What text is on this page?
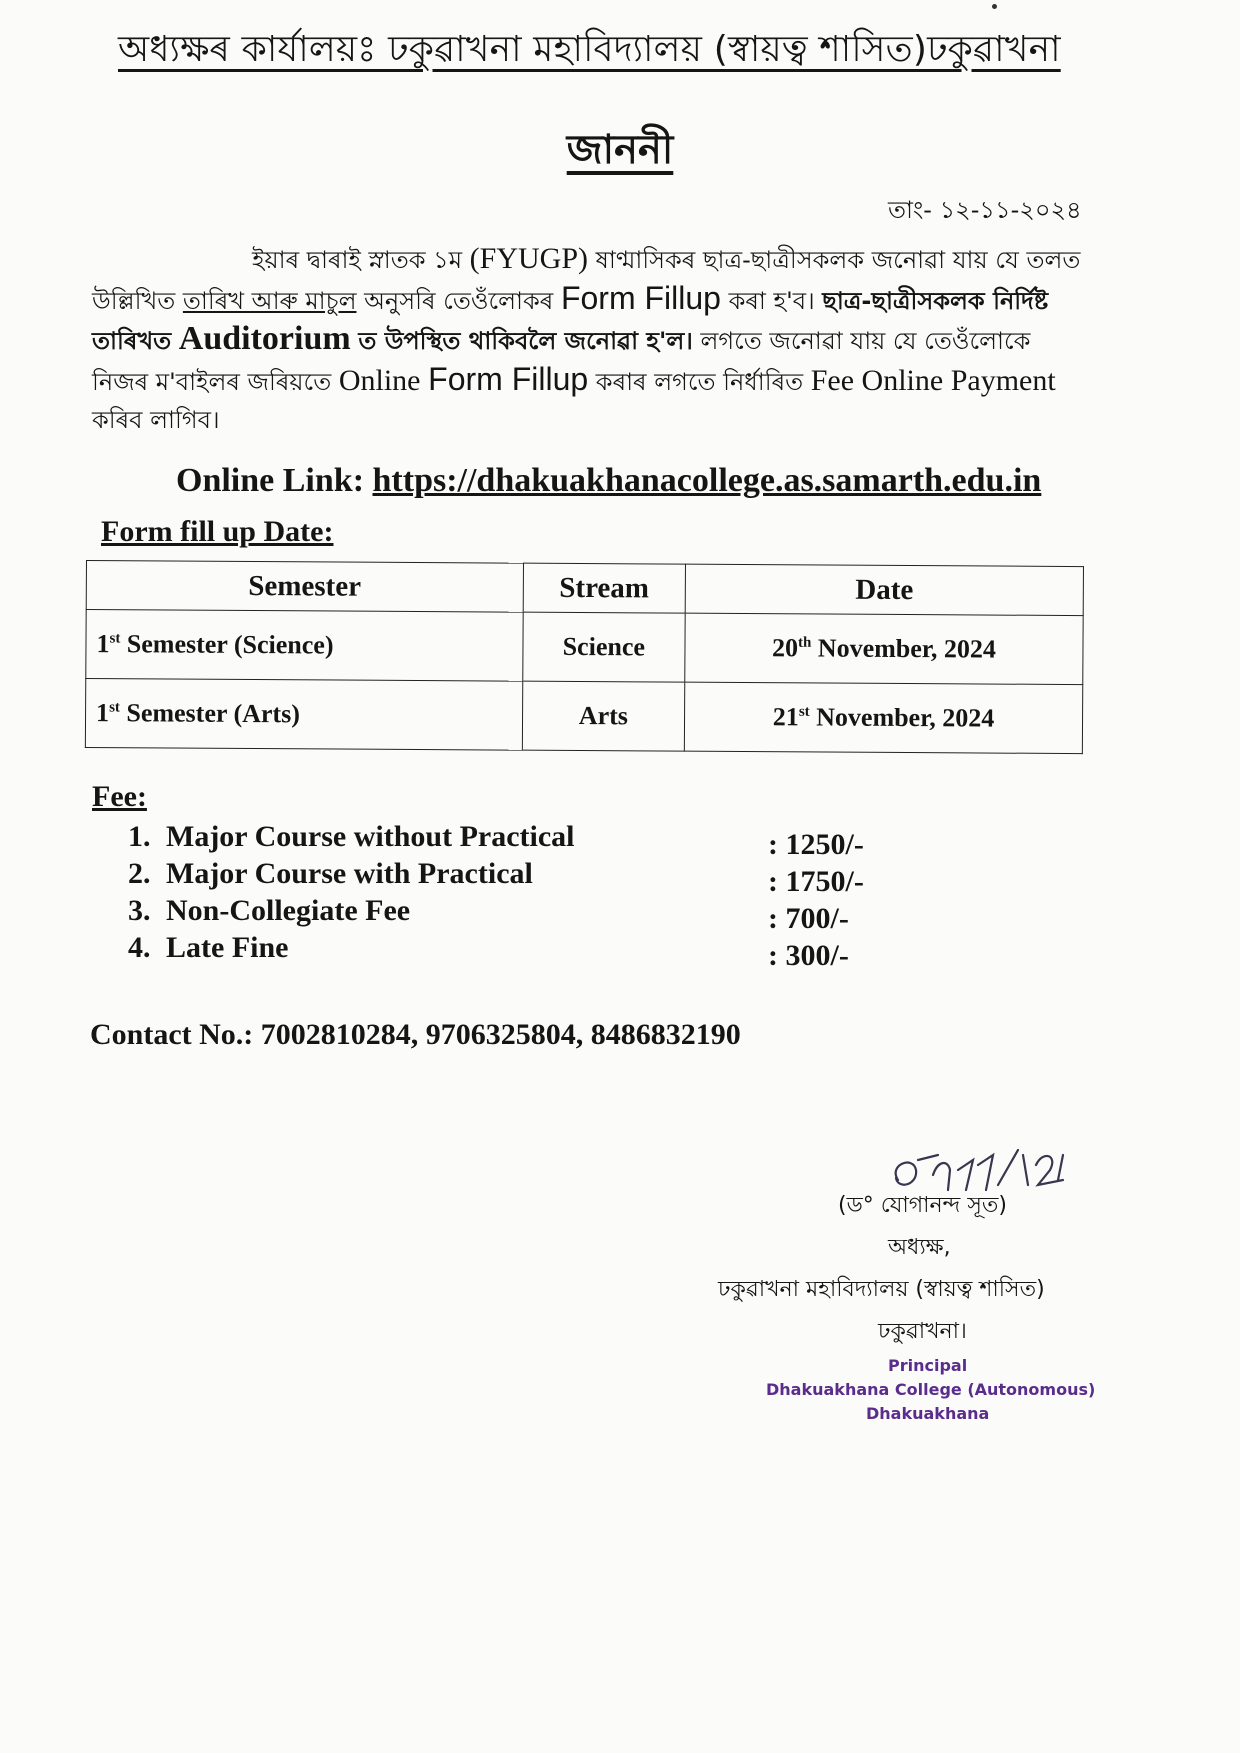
অধ্যক্ষৰ কাৰ্যালয়ঃ ঢকুৱাখনা মহাবিদ্যালয় (স্বায়ত্ব শাসিত)ঢকুৱাখনা
জাননী
তাং- ১২-১১-২০২৪
ইয়াৰ দ্বাৰাই স্নাতক ১ম (FYUGP) ষাণ্মাসিকৰ ছাত্ৰ-ছাত্ৰীসকলক জনোৱা যায় যে তলত
উল্লিখিত তাৰিখ আৰু মাচুল অনুসৰি তেওঁলোকৰ Form Fillup কৰা হ'ব। ছাত্ৰ-ছাত্ৰীসকলক নিৰ্দিষ্ট
তাৰিখত Auditorium ত উপস্থিত থাকিবলৈ জনোৱা হ'ল। লগতে জনোৱা যায় যে তেওঁলোকে
নিজৰ ম'বাইলৰ জৰিয়তে Online Form Fillup কৰাৰ লগতে নিৰ্ধাৰিত Fee Online Payment
কৰিব লাগিব।
Online Link: https://dhakuakhanacollege.as.samarth.edu.in
Form fill up Date:
Semester	Stream	Date
1st Semester (Science)	Science	20th November, 2024
1st Semester (Arts)	Arts	21st November, 2024
Fee:
1. Major Course without Practical	: 1250/-
2. Major Course with Practical	: 1750/-
3. Non-Collegiate Fee	: 700/-
4. Late Fine	: 300/-
Contact No.: 7002810284, 9706325804, 8486832190
(ড° যোগানন্দ সূত)
অধ্যক্ষ,
ঢকুৱাখনা মহাবিদ্যালয় (স্বায়ত্ব শাসিত)
ঢকুৱাখনা।
Principal
Dhakuakhana College (Autonomous)
Dhakuakhana
